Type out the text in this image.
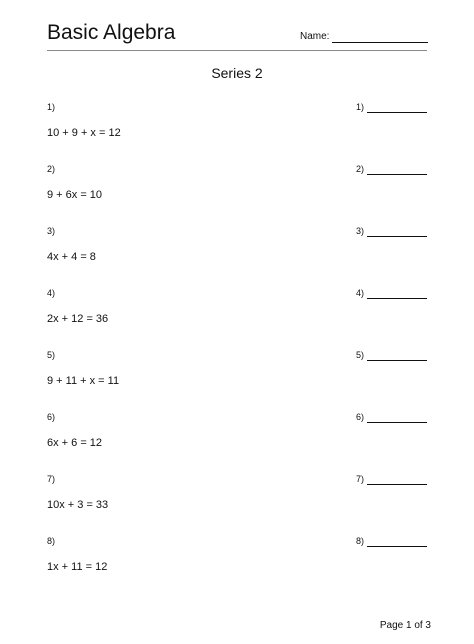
Basic Algebra	Name:
Series 2
1)
10 + 9 + x = 12
1)
2)
9 + 6x = 10
2)
3)
4x + 4 = 8
3)
4)
2x + 12 = 36
4)
5)
9 + 11 + x = 11
5)
6)
6x + 6 = 12
6)
7)
10x + 3 = 33
7)
8)
1x + 11 = 12
8)
Page 1 of 3
